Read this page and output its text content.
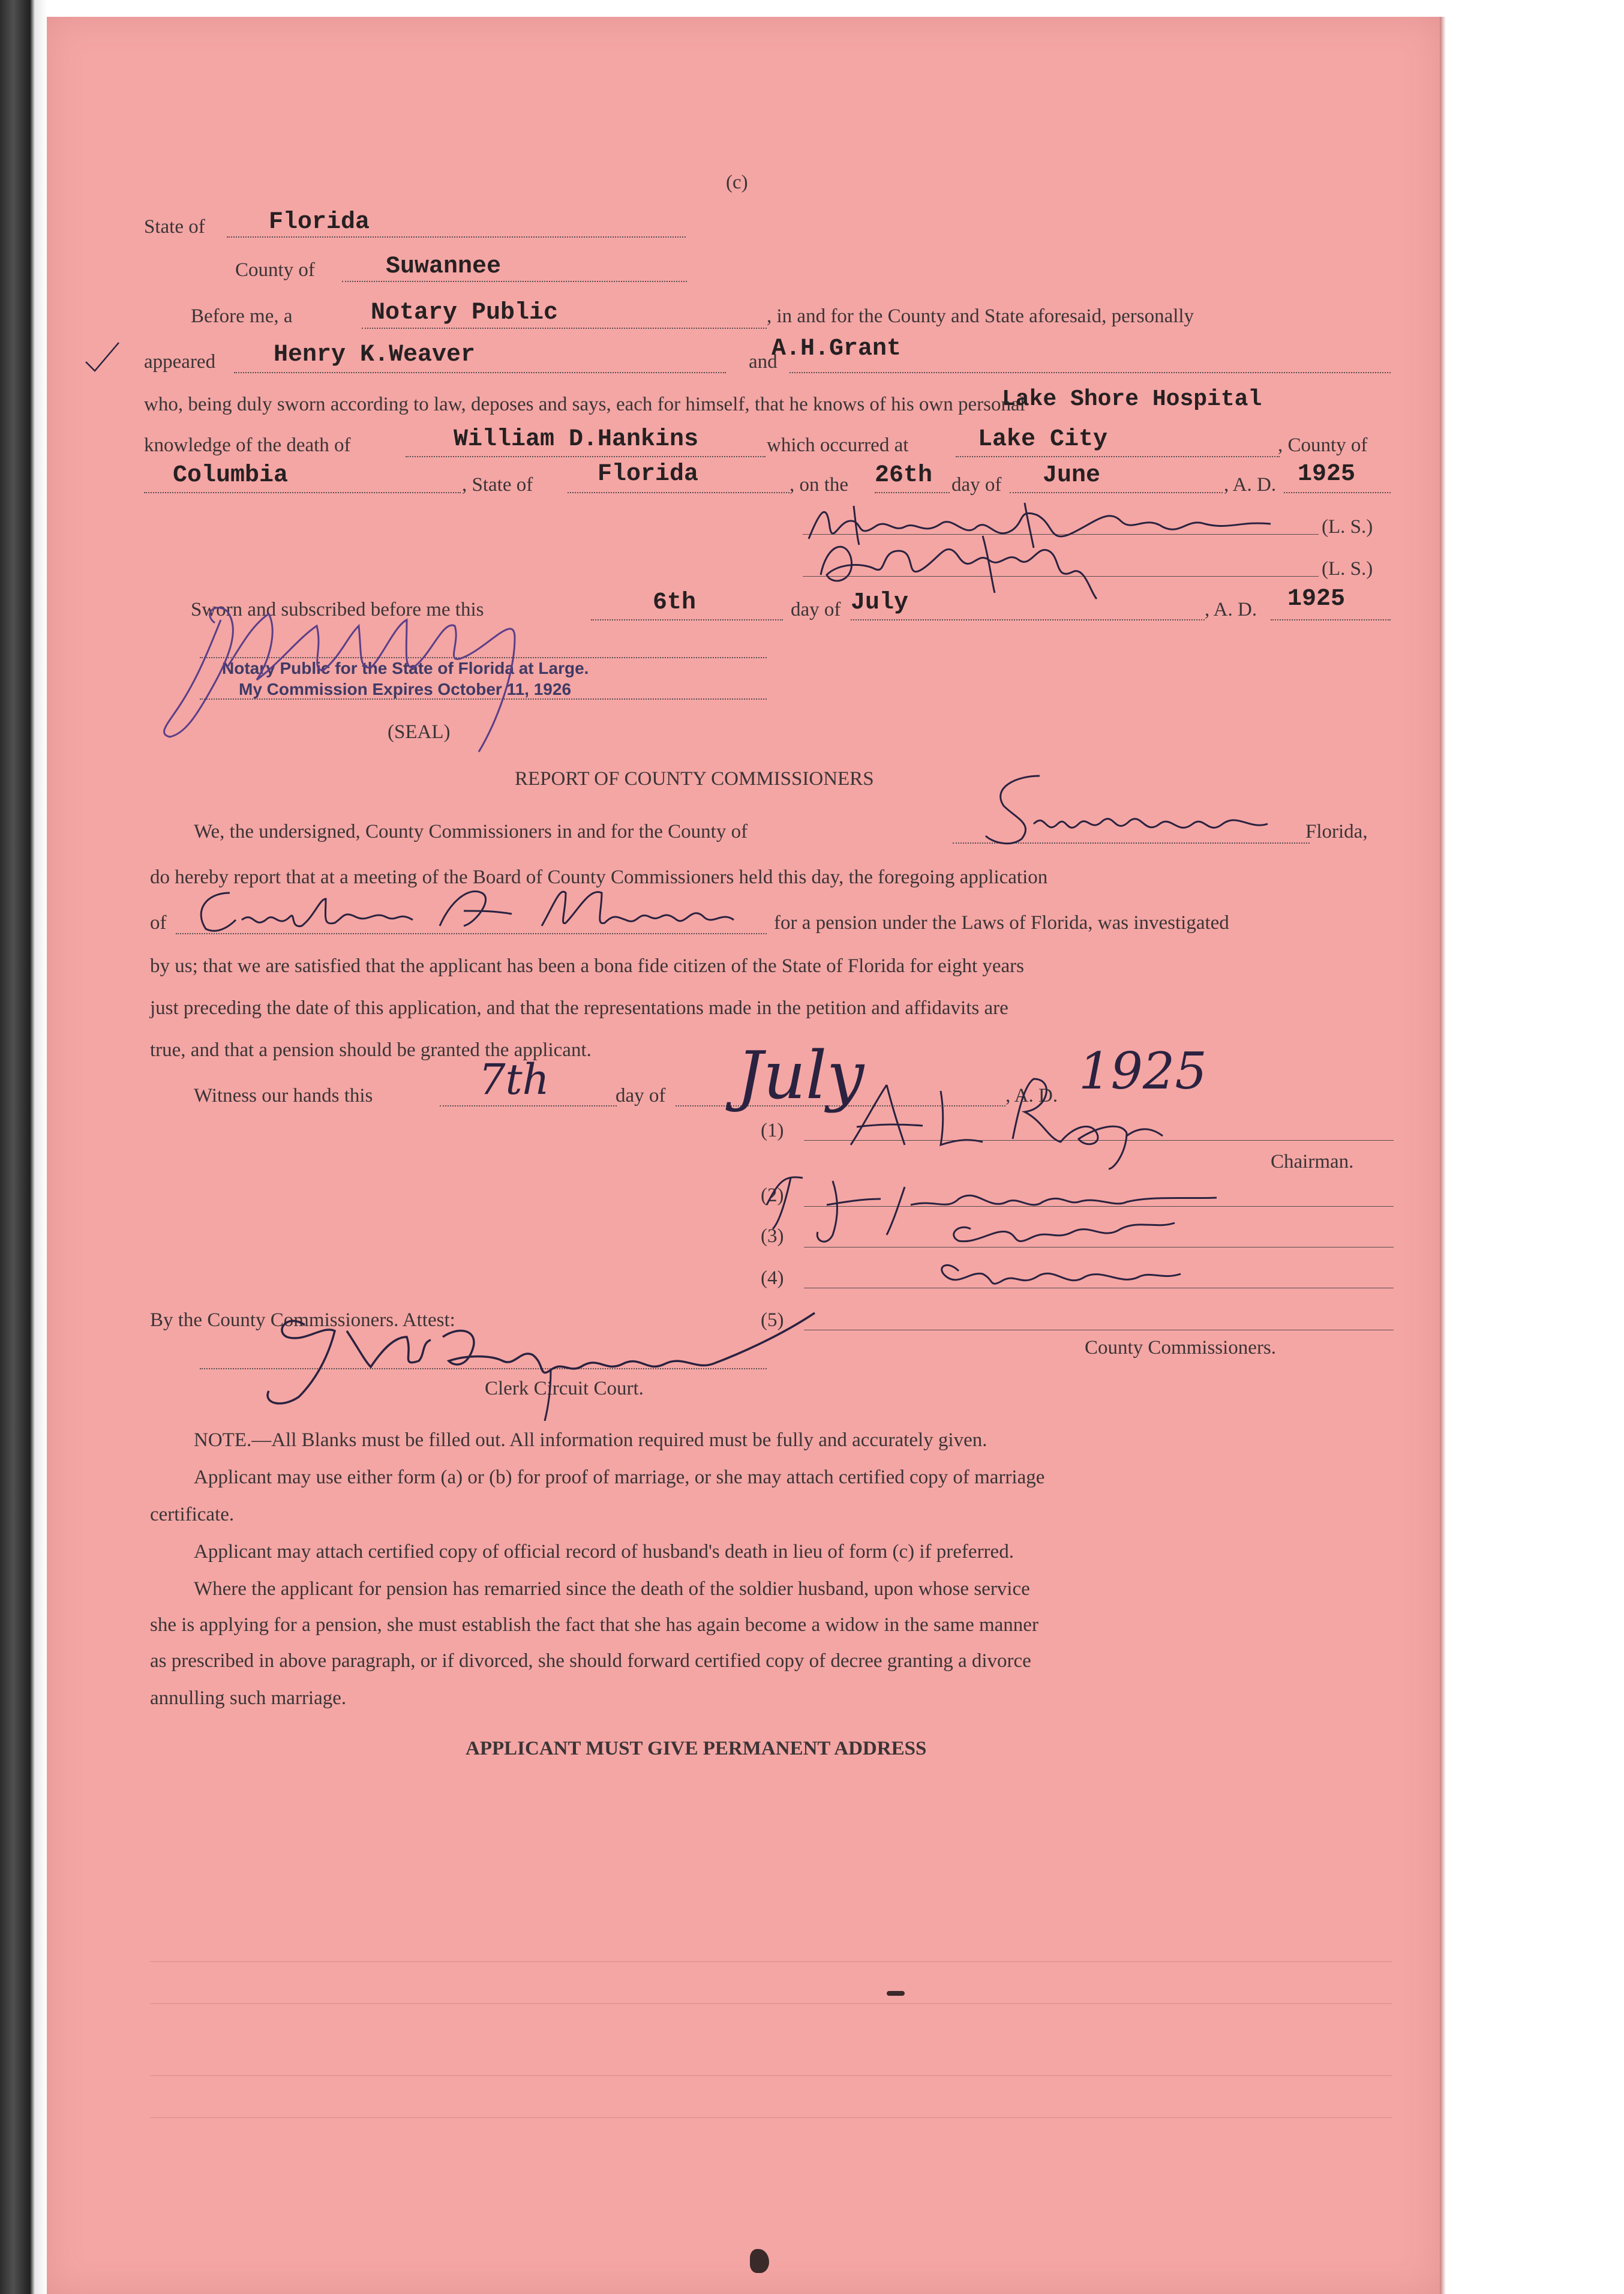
(c)
State of	Florida
County of	Suwannee
Before me, a	Notary Public	, in and for the County and State aforesaid, personally
appeared Henry K.Weaver	and
A.H.Grant
who, being duly sworn according to law, deposes and says, each for himself, that he knows of his own personal
Lake Shore Hospital
knowledge of the death of	William D.Hankins	which occurred at	Lake City	, County of
Columbia	, State of	Florida	, on the 26th day of June	, A. D. 1925
(L. S.)
(L. S.)
Sworn and subscribed before me this	6th	day of July	, A. D. 1925
Notary Public for the State of Florida at Large.
My Commission Expires October 11, 1926
(SEAL)
REPORT OF COUNTY COMMISSIONERS
We, the undersigned, County Commissioners in and for the County of	Florida,
do hereby report that at a meeting of the Board of County Commissioners held this day, the foregoing application
of	for a pension under the Laws of Florida, was investigated
by us; that we are satisfied that the applicant has been a bona fide citizen of the State of Florida for eight years
just preceding the date of this application, and that the representations made in the petition and affidavits are
true, and that a pension should be granted the applicant.
Witness our hands this	7th	day of July	, A. D. 1925
(1)
Chairman.
(2)
(3)
(4)
(5)
By the County Commissioners. Attest:
County Commissioners.
Clerk Circuit Court.
NOTE.—All Blanks must be filled out. All information required must be fully and accurately given.
Applicant may use either form (a) or (b) for proof of marriage, or she may attach certified copy of marriage
certificate.
Applicant may attach certified copy of official record of husband's death in lieu of form (c) if preferred.
Where the applicant for pension has remarried since the death of the soldier husband, upon whose service
she is applying for a pension, she must establish the fact that she has again become a widow in the same manner
as prescribed in above paragraph, or if divorced, she should forward certified copy of decree granting a divorce
annulling such marriage.
APPLICANT MUST GIVE PERMANENT ADDRESS
